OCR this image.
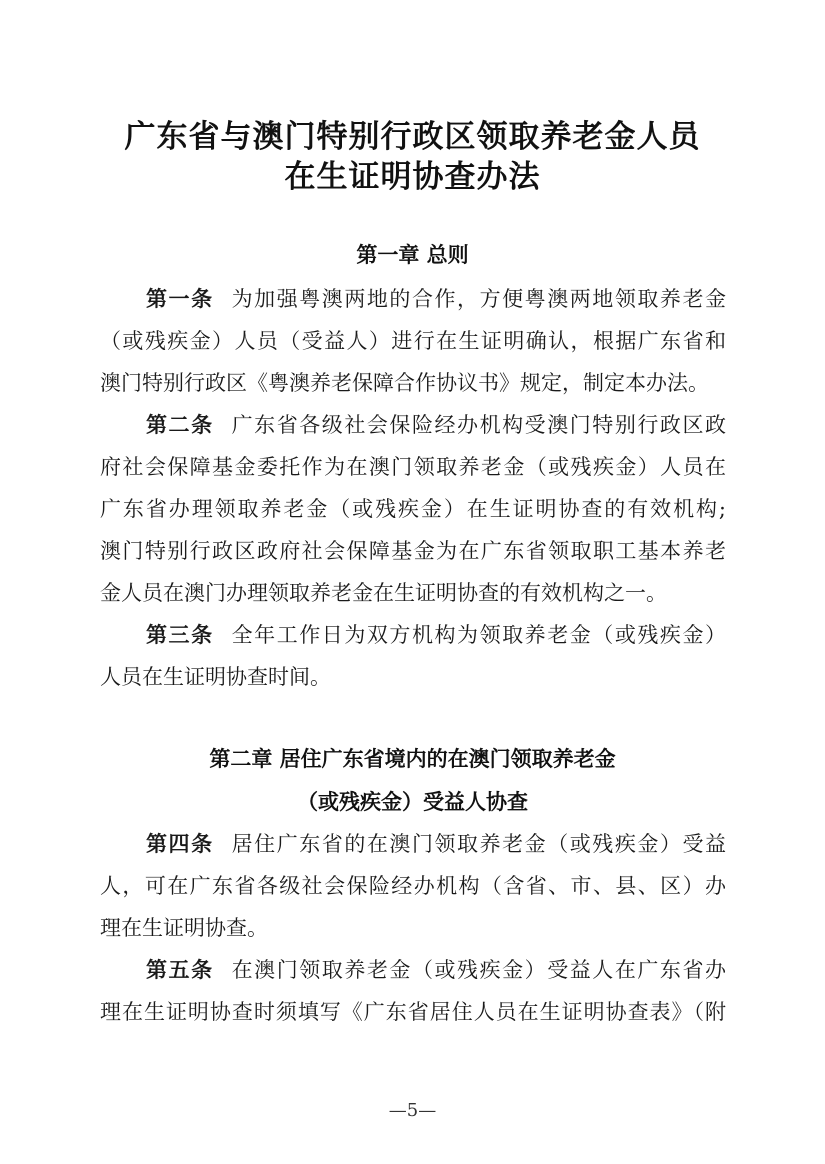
广东省与澳门特别行政区领取养老金人员
在生证明协查办法
第一章 总则
第一条 为加强粤澳两地的合作，方便粤澳两地领取养老金
（或残疾金）人员（受益人）进行在生证明确认，根据广东省和
澳门特别行政区《粤澳养老保障合作协议书》规定，制定本办法。
第二条 广东省各级社会保险经办机构受澳门特别行政区政
府社会保障基金委托作为在澳门领取养老金（或残疾金）人员在
广东省办理领取养老金（或残疾金）在生证明协查的有效机构;
澳门特别行政区政府社会保障基金为在广东省领取职工基本养老
金人员在澳门办理领取养老金在生证明协查的有效机构之一。
第三条 全年工作日为双方机构为领取养老金（或残疾金）
人员在生证明协查时间。
第二章 居住广东省境内的在澳门领取养老金
（或残疾金）受益人协查
第四条 居住广东省的在澳门领取养老金（或残疾金）受益
人，可在广东省各级社会保险经办机构（含省、市、县、区）办
理在生证明协查。
第五条 在澳门领取养老金（或残疾金）受益人在广东省办
理在生证明协查时须填写《广东省居住人员在生证明协查表》（附
—5—
